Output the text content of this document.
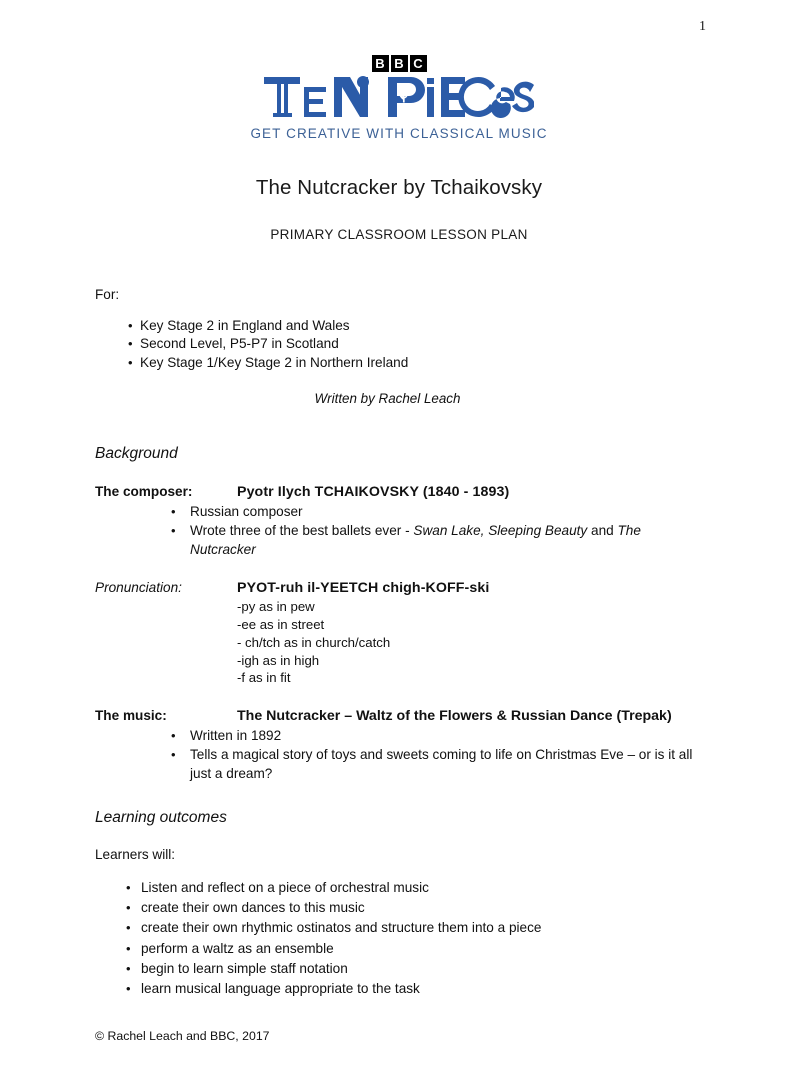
1
B B C
GET CREATIVE WITH CLASSICAL MUSIC
The Nutcracker by Tchaikovsky
PRIMARY CLASSROOM LESSON PLAN

For:

• Key Stage 2 in England and Wales
• Second Level, P5-P7 in Scotland
• Key Stage 1/Key Stage 2 in Northern Ireland

Written by Rachel Leach

Background

The composer:	Pyotr Ilych TCHAIKOVSKY (1840 - 1893)
• Russian composer
• Wrote three of the best ballets ever - Swan Lake, Sleeping Beauty and The Nutcracker
Pronunciation:	PYOT-ruh il-YEETCH chigh-KOFF-ski
-py as in pew
-ee as in street
- ch/tch as in church/catch
-igh as in high
-f as in fit
The music:	The Nutcracker – Waltz of the Flowers & Russian Dance (Trepak)
• Written in 1892
• Tells a magical story of toys and sweets coming to life on Christmas Eve – or is it all just a dream?

Learning outcomes

Learners will:

• Listen and reflect on a piece of orchestral music
• create their own dances to this music
• create their own rhythmic ostinatos and structure them into a piece
• perform a waltz as an ensemble
• begin to learn simple staff notation
• learn musical language appropriate to the task
© Rachel Leach and BBC, 2017
